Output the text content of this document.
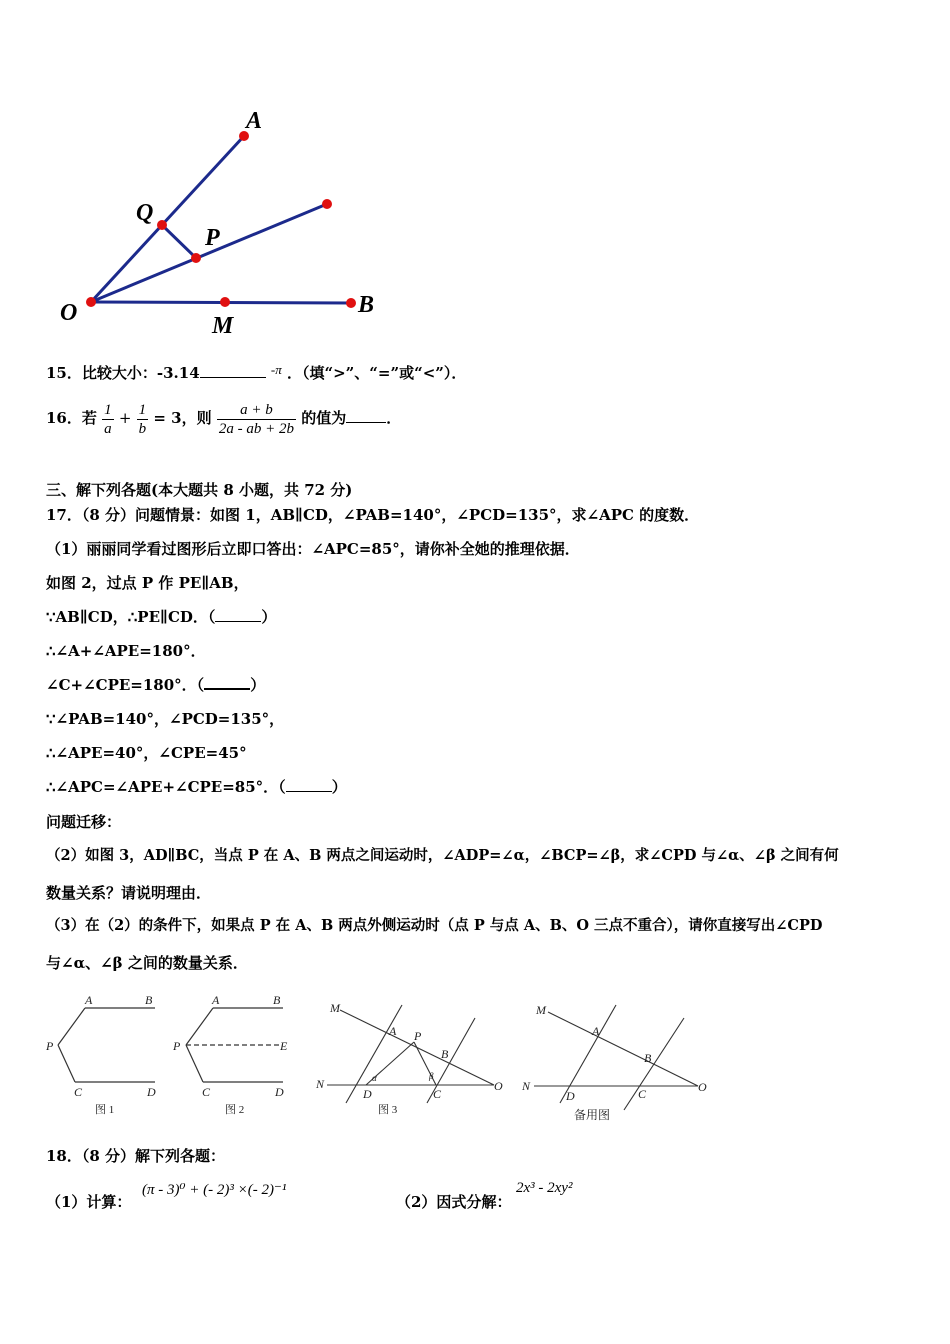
A
Q
P
O	M
B
15．比较大小：-3.14	-π ．（填“>”、“=”或“<”）．
16．若 $\frac{1}{a} + \frac{1}{b} = 3$，则 $\frac{a + b}{2a - ab + 2b}$ 的值为	．
三、解下列各题(本大题共 8 小题，共 72 分)
17．（8 分）问题情景：如图 1，AB∥CD，∠PAB=140°，∠PCD=135°，求∠APC 的度数．
（1）丽丽同学看过图形后立即口答出：∠APC=85°，请你补全她的推理依据．
如图 2，过点 P 作 PE∥AB，
∵AB∥CD，∴PE∥CD．（	）
∴∠A+∠APE=180°．
∠C+∠CPE=180°．（	）
∵∠PAB=140°，∠PCD=135°，
∴∠APE=40°，∠CPE=45°
∴∠APC=∠APE+∠CPE=85°．（	）
问题迁移：
（2）如图 3，AD∥BC，当点 P 在 A、B 两点之间运动时，∠ADP=∠α，∠BCP=∠β，求∠CPD 与∠α、∠β 之间有何
数量关系？请说明理由．
（3）在（2）的条件下，如果点 P 在 A、B 两点外侧运动时（点 P 与点 A、B、O 三点不重合），请你直接写出∠CPD
与∠α、∠β 之间的数量关系．
A	B
P
C	D
图 1
A	B
P	E
C	D
图 2
M
A P
B
N
D	C
O
α	β
图 3
M
A
B
N
D	C	O
备用图
18．（8 分）解下列各题：
（1）计算：
(π - 3)⁰ + (- 2)³ ×(- 2)⁻¹
（2）因式分解：
2x³ - 2xy²
